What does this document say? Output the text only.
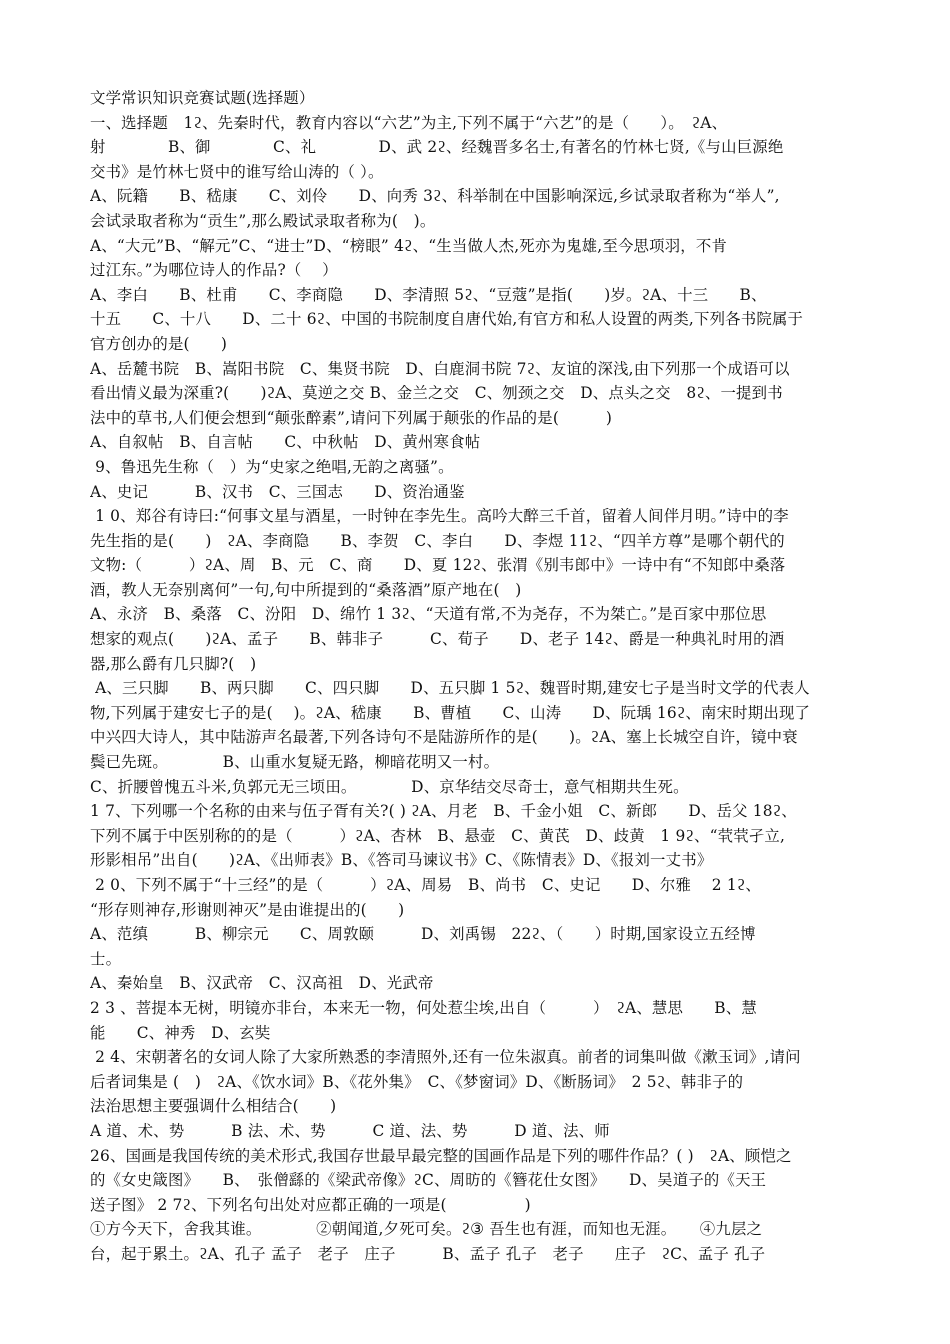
文学常识知识竞赛试题(选择题）
一、选择题　1ϩ、先秦时代，教育内容以“六艺”为主,下列不属于“六艺”的是（　　）。　ϩA、
射　　　　B、御　　　　C、礼　　　　D、武 2ϩ、经魏晋多名士,有著名的竹林七贤,《与山巨源绝
交书》是竹林七贤中的谁写给山涛的（ ）。
A、阮籍　　B、嵇康　　C、刘伶　　D、向秀 3ϩ、科举制在中国影响深远,乡试录取者称为“举人”,
会试录取者称为“贡生”,那么殿试录取者称为(　)。
A、“大元”B、“解元”C、“进士”D、“榜眼” 4ϩ、“生当做人杰,死亦为鬼雄,至今思项羽，不肯
过江东。”为哪位诗人的作品?（　 ）
A、李白　　B、杜甫　　C、李商隐　　D、李清照 5ϩ、“豆蔻”是指(　　)岁。ϩA、十三　　B、
十五　　C、十八　　D、二十 6ϩ、中国的书院制度自唐代始,有官方和私人设置的两类,下列各书院属于
官方创办的是(　　)
A、岳麓书院　B、嵩阳书院　C、集贤书院　D、白鹿洞书院 7ϩ、友谊的深浅,由下列那一个成语可以
看出情义最为深重?(　　)ϩA、莫逆之交 B、金兰之交　C、刎颈之交　D、点头之交　8ϩ、一提到书
法中的草书,人们便会想到“颠张醉素”,请问下列属于颠张的作品的是(　　　)
A、自叙帖　B、自言帖　　C、中秋帖　D、黄州寒食帖
9、鲁迅先生称（　）为“史家之绝唱,无韵之离骚”。
A、史记　　　B、汉书　C、三国志　　D、资治通鉴
1 0、郑谷有诗曰:“何事文星与酒星，一时钟在李先生。高吟大醉三千首，留着人间伴月明。”诗中的李
先生指的是(　　)　ϩA、李商隐　　B、李贺　C、李白　　D、李煜 11ϩ、“四羊方尊”是哪个朝代的
文物:（　　　）ϩA、周　B、元　C、商　　D、夏 12ϩ、张渭《别韦郎中》一诗中有“不知郎中桑落
酒，教人无奈别离何”一句,句中所提到的“桑落酒”原产地在(　)
A、永济　B、桑落　C、汾阳　D、绵竹 1 3ϩ、“天道有常,不为尧存，不为桀亡。”是百家中那位思
想家的观点(　　)ϩA、孟子　　B、韩非子　　　C、荀子　　D、老子 14ϩ、爵是一种典礼时用的酒
器,那么爵有几只脚?(　)
A、三只脚　　B、两只脚　　C、四只脚　　D、五只脚 1 5ϩ、魏晋时期,建安七子是当时文学的代表人
物,下列属于建安七子的是(　 )。ϩA、嵇康　　B、曹植　　C、山涛　　D、阮瑀 16ϩ、南宋时期出现了
中兴四大诗人，其中陆游声名最著,下列各诗句不是陆游所作的是(　　)。ϩA、塞上长城空自许，镜中衰
鬓已先斑。　　　　B、山重水复疑无路，柳暗花明又一村。
C、折腰曾愧五斗米,负郭元无三顷田。　　　　D、京华结交尽奇士，意气相期共生死。
1 7、下列哪一个名称的由来与伍子胥有关?( ) ϩA、月老　B、千金小姐　C、新郎　　D、岳父 18ϩ、
下列不属于中医别称的的是（　　　）ϩA、杏林　B、悬壶　C、黄芪　D、歧黄　1 9ϩ、“茕茕孑立,
形影相吊”出自(　　)ϩA、《出师表》B、《答司马谏议书》C、《陈情表》D、《报刘一丈书》
2 0、下列不属于“十三经”的是（　　　）ϩA、周易　B、尚书　C、史记　　D、尔雅　 2 1ϩ、
“形存则神存,形谢则神灭”是由谁提出的(　　)
A、范缜　　　B、柳宗元　　C、周敦颐　　　D、刘禹锡　22ϩ、（　　）时期,国家设立五经博
士。
A、秦始皇　B、汉武帝　C、汉高祖　D、光武帝
2 3 、菩提本无树，明镜亦非台，本来无一物，何处惹尘埃,出自（　　　）　ϩA、慧思　　B、慧
能　　C、神秀　D、玄奘
2 4、宋朝著名的女词人除了大家所熟悉的李清照外,还有一位朱淑真。前者的词集叫做《漱玉词》,请问
后者词集是 (　)　ϩA、《饮水词》B、《花外集》　C、《梦窗词》D、《断肠词》　2 5ϩ、韩非子的
法治思想主要强调什么相结合(　　)
A 道、术、势　　　B 法、术、势　　　C 道、法、势　　　D 道、法、师
26、国画是我国传统的美术形式,我国存世最早最完整的国画作品是下列的哪件作品？( )　ϩA、顾恺之
的《女史箴图》　　B、　张僧繇的《梁武帝像》ϩC、周昉的《簪花仕女图》　　D、吴道子的《天王
送子图》 2 7ϩ、下列名句出处对应都正确的一项是(　　　　　)
①方今天下，舍我其谁。　　　　②朝闻道,夕死可矣。ϩ③ 吾生也有涯，而知也无涯。　　④九层之
台，起于累土。ϩA、孔子 孟子　老子　庄子　　　B、孟子 孔子　老子　　庄子　ϩC、孟子 孔子
